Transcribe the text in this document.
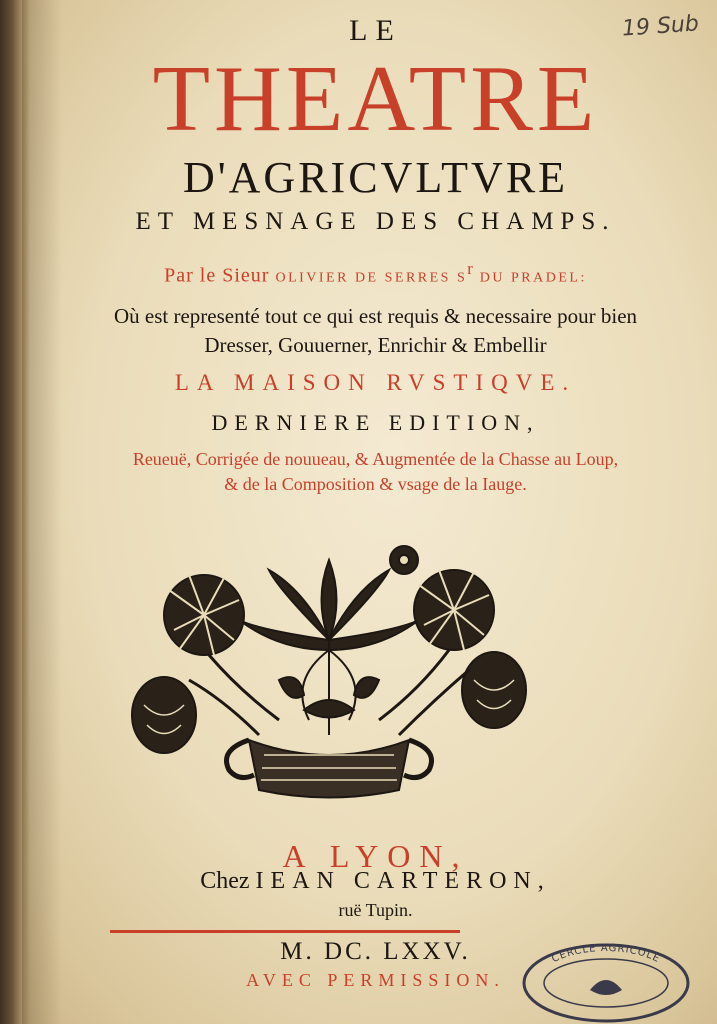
19 Sub
LE
THEATRE
D'AGRICVLTVRE
ET MESNAGE DES CHAMPS.
Par le Sieur OLIVIER DE SERRES $S^r$ DU PRADEL:
Où est representé tout ce qui est requis & necessaire pour bien
Dresser, Gouuerner, Enrichir & Embellir
LA MAISON RVSTIQVE.
DERNIERE EDITION,
Reueuë, Corrigée de nouueau, & Augmentée de la Chasse au Loup,
& de la Composition & vsage de la Iauge.
A LYON,
Chez IEAN CARTERON,
ruë Tupin.
M. DC. LXXV.
AVEC PERMISSION.
CERCLE AGRICOLE
